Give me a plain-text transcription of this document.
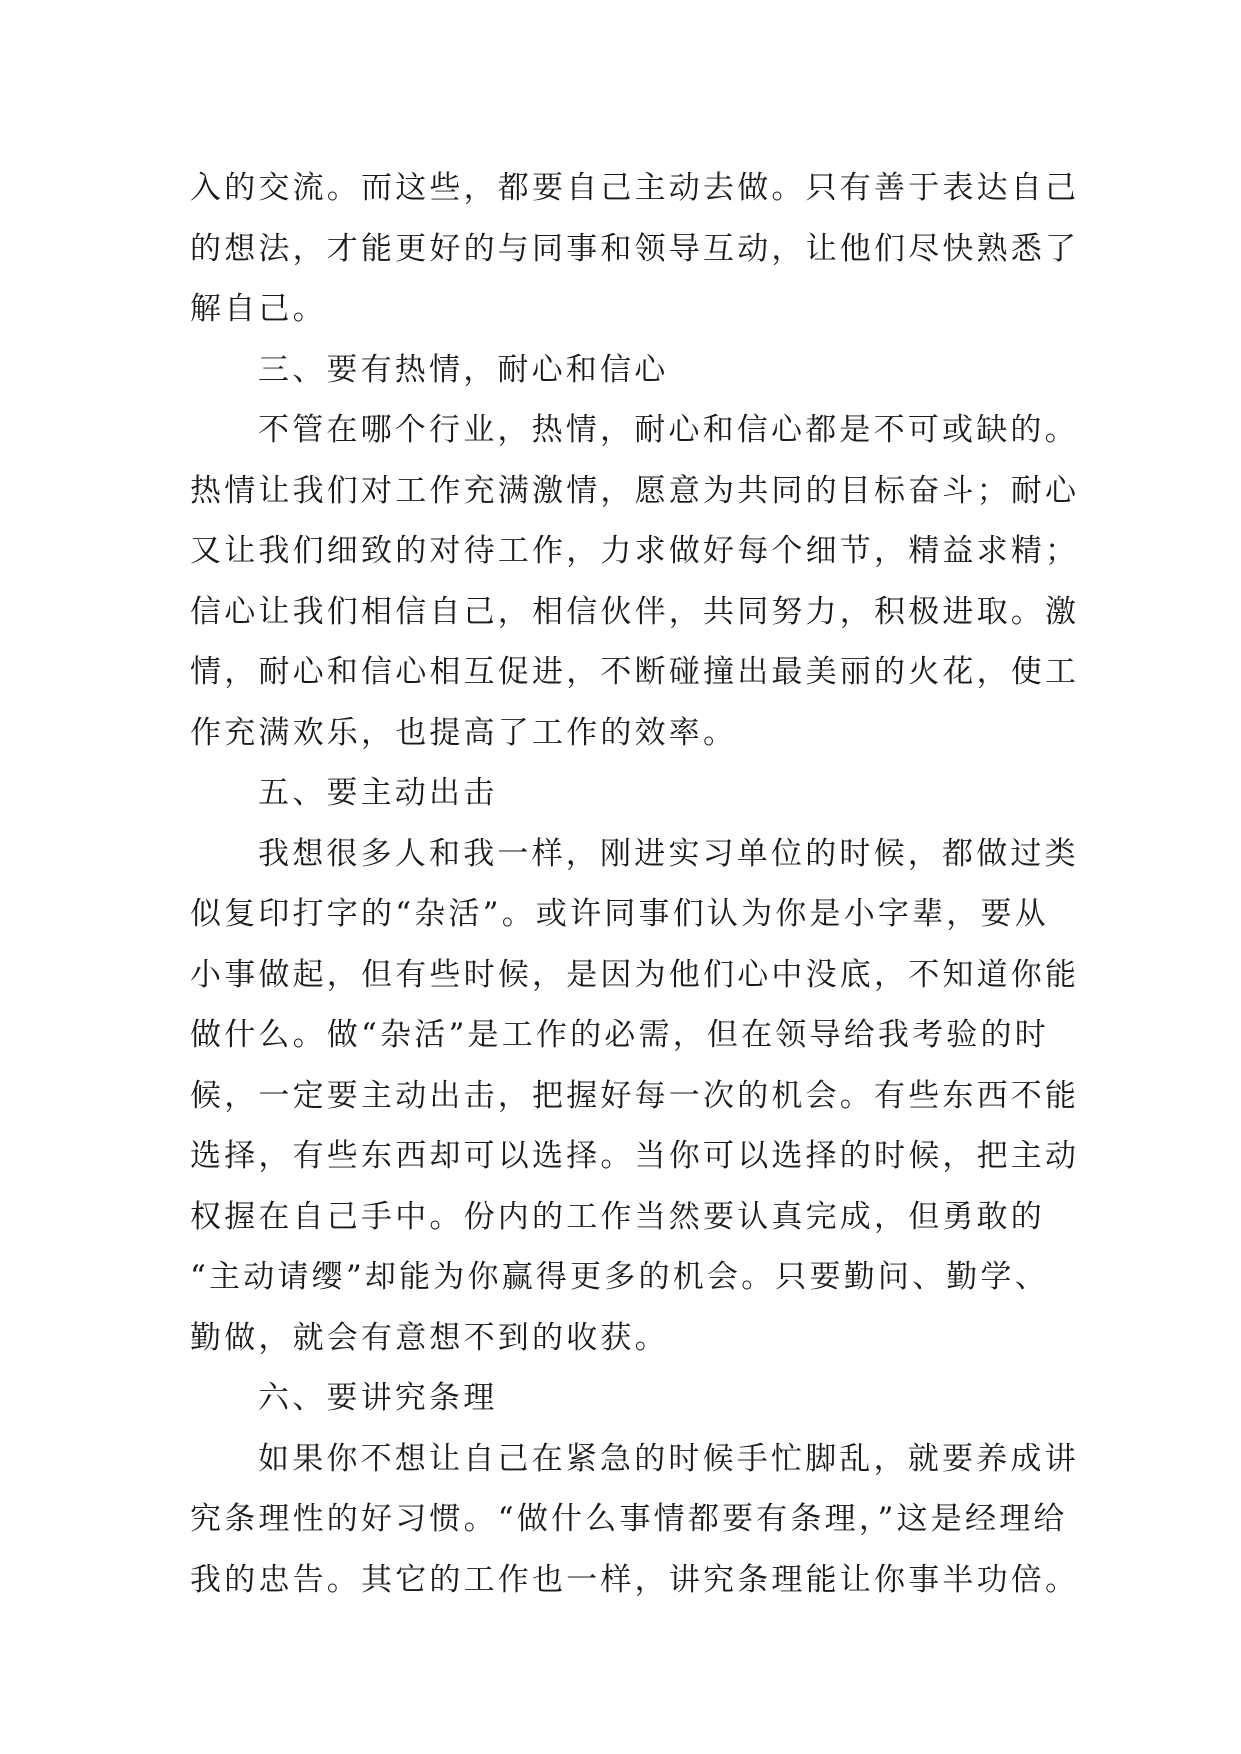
入的交流。而这些，都要自己主动去做。只有善于表达自己
的想法，才能更好的与同事和领导互动，让他们尽快熟悉了
解自己。
三、要有热情，耐心和信心
不管在哪个行业，热情，耐心和信心都是不可或缺的。
热情让我们对工作充满激情，愿意为共同的目标奋斗；耐心
又让我们细致的对待工作，力求做好每个细节，精益求精；
信心让我们相信自己，相信伙伴，共同努力，积极进取。激
情，耐心和信心相互促进，不断碰撞出最美丽的火花，使工
作充满欢乐，也提高了工作的效率。
五、要主动出击
我想很多人和我一样，刚进实习单位的时候，都做过类
似复印打字的“杂活”。或许同事们认为你是小字辈，要从
小事做起，但有些时候，是因为他们心中没底，不知道你能
做什么。做“杂活”是工作的必需，但在领导给我考验的时
候，一定要主动出击，把握好每一次的机会。有些东西不能
选择，有些东西却可以选择。当你可以选择的时候，把主动
权握在自己手中。份内的工作当然要认真完成，但勇敢的
“主动请缨”却能为你赢得更多的机会。只要勤问、勤学、
勤做，就会有意想不到的收获。
六、要讲究条理
如果你不想让自己在紧急的时候手忙脚乱，就要养成讲
究条理性的好习惯。“做什么事情都要有条理，”这是经理给
我的忠告。其它的工作也一样，讲究条理能让你事半功倍。
